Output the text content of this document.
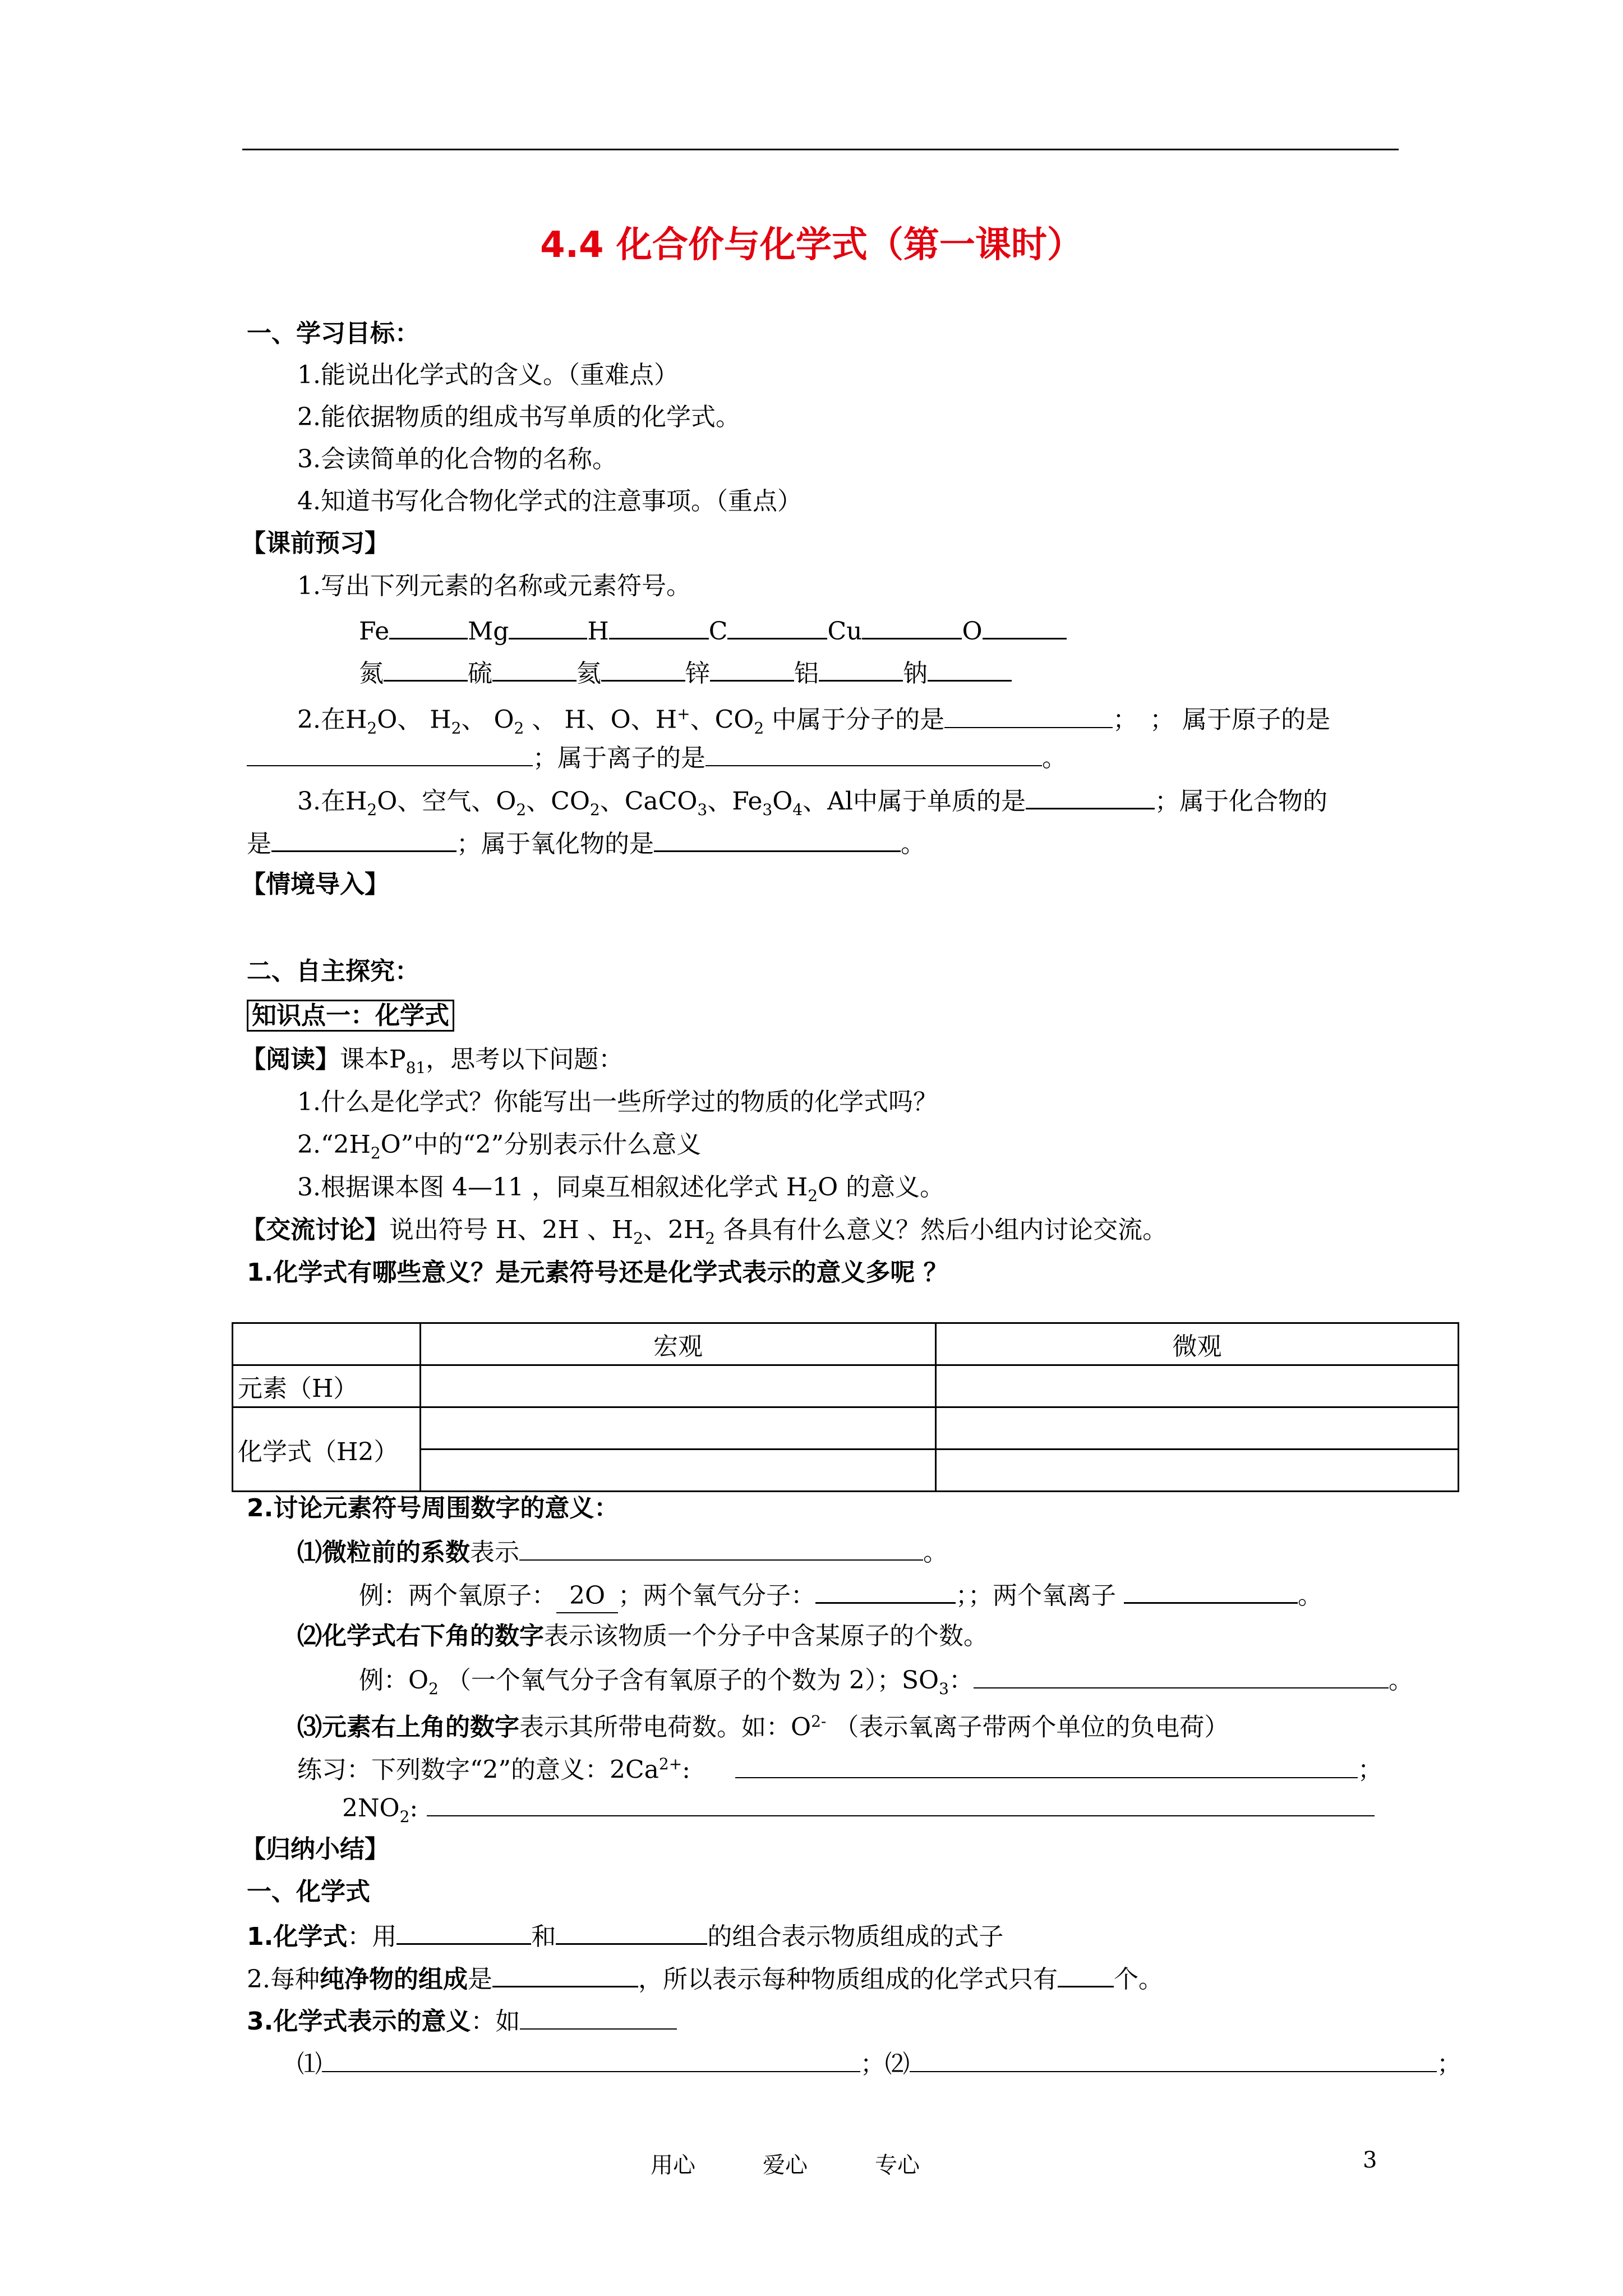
4.4 化合价与化学式（第一课时）
一、学习目标：
1.能说出化学式的含义。（重难点）
2.能依据物质的组成书写单质的化学式。
3.会读简单的化合物的名称。
4.知道书写化合物化学式的注意事项。（重点）
【课前预习】
1.写出下列元素的名称或元素符号。
Fe	Mg	H	C	Cu	O
氮	硫	氦	锌	铝	钠
2.在$H_2O$、 $H_2$、 $O_2$ 、 H、O、H+、$CO_2$ 中属于分子的是	；　； 属于原子的是
；属于离子的是	。
3.在$H_2O$、空气、$O_2$、$CO_2$、CaCO$_3$、$Fe_3O_4$、Al中属于单质的是	；属于化合物的
是	；属于氧化物的是	。
【情境导入】
二、自主探究：
知识点一：化学式
【阅读】课本$P_{81}$，思考以下问题：
1.什么是化学式？你能写出一些所学过的物质的化学式吗？
$2.“2H_2O$”中的“2”分别表示什么意义
3.根据课本图 4—11 ，同桌互相叙述化学式 $H_2O$ 的意义。
【交流讨论】说出符号 H、2H 、$H_2$、$2H_2$ 各具有什么意义？然后小组内讨论交流。
1.化学式有哪些意义？是元素符号还是化学式表示的意义多呢 ？
	宏观	微观
元素（H）		
化学式（H2）		

2.讨论元素符号周围数字的意义：
⑴微粒前的系数表示	。
例：两个氧原子： 2O ；两个氧气分子：	；；两个氧离子	。
⑵化学式右下角的数字表示该物质一个分子中含某原子的个数。
例：$O_2$ （一个氧气分子含有氧原子的个数为 2）；$SO_3$：	。
⑶元素右上角的数字表示其所带电荷数。如：$O^{2-}$ （表示氧离子带两个单位的负电荷）
练习：下列数字“2”的意义：$2Ca^{2+}$:	；
$2NO_2$:
【归纳小结】
一、化学式
1.化学式：用	和	的组合表示物质组成的式子
2.每种纯净物的组成是	，所以表示每种物质组成的化学式只有 个。
3.化学式表示的意义：如
⑴	；⑵	；
用心	爱心	专心	3
